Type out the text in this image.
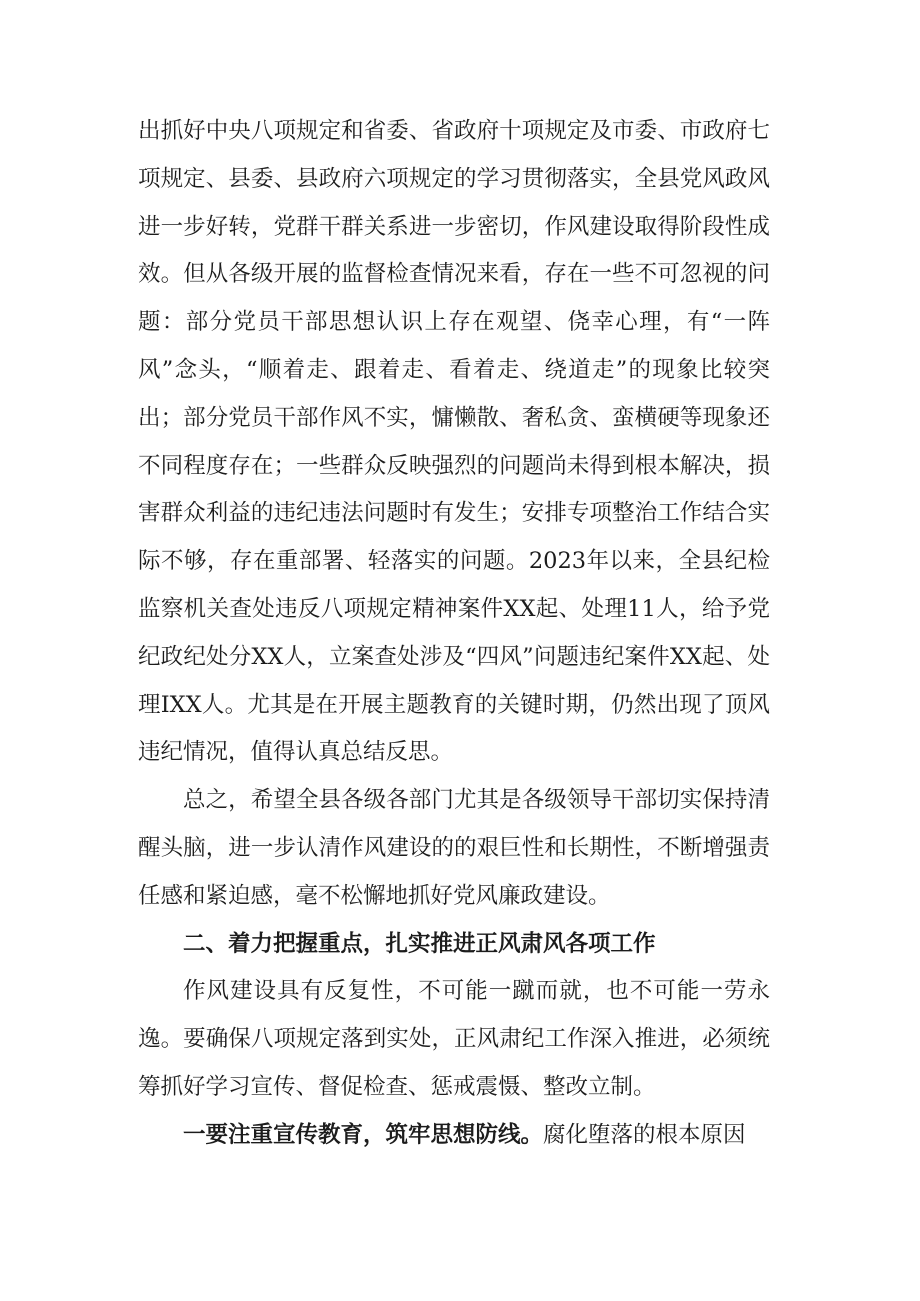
出抓好中央八项规定和省委、省政府十项规定及市委、市政府七项规定、县委、县政府六项规定的学习贯彻落实，全县党风政风进一步好转，党群干群关系进一步密切，作风建设取得阶段性成效。但从各级开展的监督检查情况来看，存在一些不可忽视的问题：部分党员干部思想认识上存在观望、侥幸心理，有“一阵风”念头，“顺着走、跟着走、看着走、绕道走”的现象比较突出；部分党员干部作风不实，慵懒散、奢私贪、蛮横硬等现象还不同程度存在；一些群众反映强烈的问题尚未得到根本解决，损害群众利益的违纪违法问题时有发生；安排专项整治工作结合实际不够，存在重部署、轻落实的问题。2023年以来，全县纪检监察机关查处违反八项规定精神案件XX起、处理11人，给予党纪政纪处分XX人，立案查处涉及“四风”问题违纪案件XX起、处理IXX人。尤其是在开展主题教育的关键时期，仍然出现了顶风违纪情况，值得认真总结反思。

总之，希望全县各级各部门尤其是各级领导干部切实保持清醒头脑，进一步认清作风建设的的艰巨性和长期性，不断增强责任感和紧迫感，毫不松懈地抓好党风廉政建设。

二、着力把握重点，扎实推进正风肃风各项工作

作风建设具有反复性，不可能一蹴而就，也不可能一劳永逸。要确保八项规定落到实处，正风肃纪工作深入推进，必须统筹抓好学习宣传、督促检查、惩戒震慑、整改立制。

一要注重宣传教育，筑牢思想防线。腐化堕落的根本原因
